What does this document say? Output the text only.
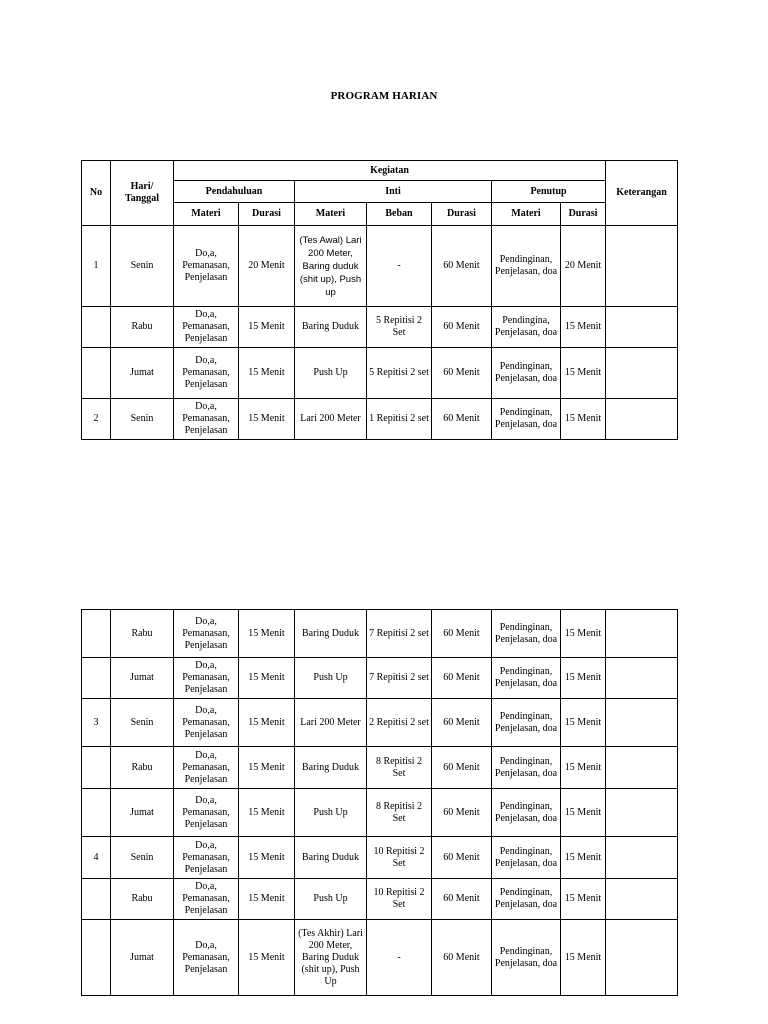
PROGRAM HARIAN
No	Hari/ Tanggal	Kegiatan							Keterangan
		Pendahuluan		Inti			Penutup		
		Materi	Durasi	Materi	Beban	Durasi	Materi	Durasi	
1	Senin	Do,a, Pemanasan, Penjelasan	20 Menit	(Tes Awal) Lari 200 Meter, Baring duduk (shit up), Push up	-	60 Menit	Pendinginan, Penjelasan, doa	20 Menit	
	Rabu	Do,a, Pemanasan, Penjelasan	15 Menit	Baring Duduk	5 Repitisi 2 Set	60 Menit	Pendingina, Penjelasan, doa	15 Menit	
	Jumat	Do,a, Pemanasan, Penjelasan	15 Menit	Push Up	5 Repitisi 2 set	60 Menit	Pendinginan, Penjelasan, doa	15 Menit	
2	Senin	Do,a, Pemanasan, Penjelasan	15 Menit	Lari 200 Meter	1 Repitisi 2 set	60 Menit	Pendinginan, Penjelasan, doa	15 Menit	
	Rabu	Do,a, Pemanasan, Penjelasan	15 Menit	Baring Duduk	7 Repitisi 2 set	60 Menit	Pendinginan, Penjelasan, doa	15 Menit	
	Jumat	Do,a, Pemanasan, Penjelasan	15 Menit	Push Up	7 Repitisi 2 set	60 Menit	Pendinginan, Penjelasan, doa	15 Menit	
3	Senin	Do,a, Pemanasan, Penjelasan	15 Menit	Lari 200 Meter	2 Repitisi 2 set	60 Menit	Pendinginan, Penjelasan, doa	15 Menit	
	Rabu	Do,a, Pemanasan, Penjelasan	15 Menit	Baring Duduk	8 Repitisi 2 Set	60 Menit	Pendinginan, Penjelasan, doa	15 Menit	
	Jumat	Do,a, Pemanasan, Penjelasan	15 Menit	Push Up	8 Repitisi 2 Set	60 Menit	Pendinginan, Penjelasan, doa	15 Menit	
4	Senin	Do,a, Pemanasan, Penjelasan	15 Menit	Baring Duduk	10 Repitisi 2 Set	60 Menit	Pendinginan, Penjelasan, doa	15 Menit	
	Rabu	Do,a, Pemanasan, Penjelasan	15 Menit	Push Up	10 Repitisi 2 Set	60 Menit	Pendinginan, Penjelasan, doa	15 Menit	
	Jumat	Do,a, Pemanasan, Penjelasan	15 Menit	(Tes Akhir) Lari 200 Meter, Baring Duduk (shit up), Push Up	-	60 Menit	Pendinginan, Penjelasan, doa	15 Menit	
